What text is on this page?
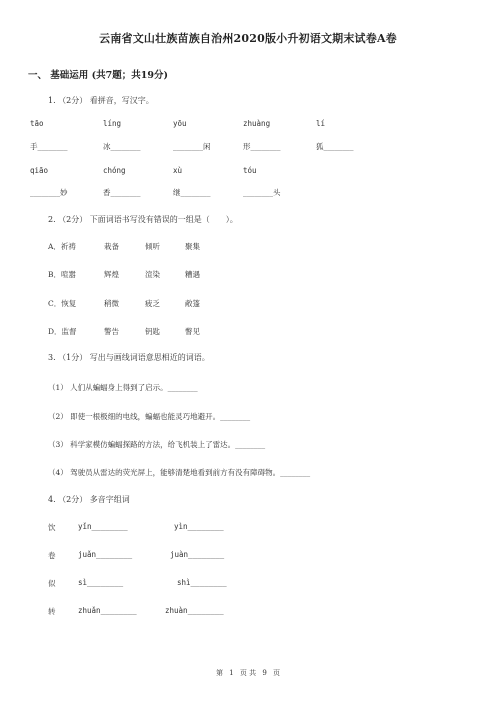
云南省文山壮族苗族自治州2020版小升初语文期末试卷A卷
一、 基础运用 (共7题；共19分)
1. （2分） 看拼音，写汉字。
tāo	líng	yōu	zhuàng	lí
手________	冰________	________闲	形________	狐________
qiāo	chóng	xù	tóu
________妙	香________	继________	________头
2. （2分） 下面词语书写没有错误的一组是（　　）。
A．祈祷	栽备	倾听	聚集
B．喧嚣	辉煌	渲染	糟遇
C．恢复	稍微	疲乏	敞篷
D．监督	警告	钥匙	瞥见
3. （1分） 写出与画线词语意思相近的词语。
（1） 人们从蝙蝠身上得到了启示。________
（2） 即使一根极细的电线，蝙蝠也能灵巧地避开。________
（3） 科学家模仿蝙蝠探路的方法，给飞机装上了雷达。________
（4） 驾驶员从雷达的荧光屏上，能够清楚地看到前方有没有障碍物。________
4. （2分） 多音字组词
饮	yǐn________	yìn________
卷	juǎn________	juàn________
似	sì________	shì________
转	zhuǎn________	zhuàn________
第 1 页 共 9 页
